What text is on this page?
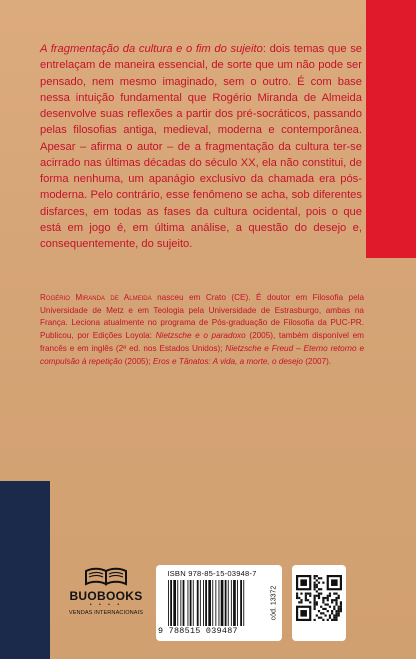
A fragmentação da cultura e o fim do sujeito: dois temas que se entrelaçam de maneira essencial, de sorte que um não pode ser pensado, nem mesmo imaginado, sem o outro. É com base nessa intuição fundamental que Rogério Miranda de Almeida desenvolve suas reflexões a partir dos pré-socráticos, passando pelas filosofias antiga, medieval, moderna e contemporânea. Apesar – afirma o autor – de a fragmentação da cultura ter-se acirrado nas últimas décadas do século XX, ela não constitui, de forma nenhuma, um apanágio exclusivo da chamada era pós-moderna. Pelo contrário, esse fenômeno se acha, sob diferentes disfarces, em todas as fases da cultura ocidental, pois o que está em jogo é, em última análise, a questão do desejo e, consequentemente, do sujeito.

Rogério Miranda de Almeida nasceu em Crato (CE). É doutor em Filosofia pela Universidade de Metz e em Teologia pela Universidade de Estrasburgo, ambas na França. Leciona atualmente no programa de Pós-graduação de Filosofia da PUC-PR. Publicou, por Edições Loyola: Nietzsche e o paradoxo (2005), também disponível em francês e em inglês (2ª ed. nos Estados Unidos); Nietzsche e Freud – Eterno retorno e compulsão à repetição (2005); Eros e Tânatos: A vida, a morte, o desejo (2007).

BUOBOOKS
• • • •
VENDAS INTERNACIONAIS
ISBN 978-85-15-03948-7
9 788515 039487
cód. 13372
